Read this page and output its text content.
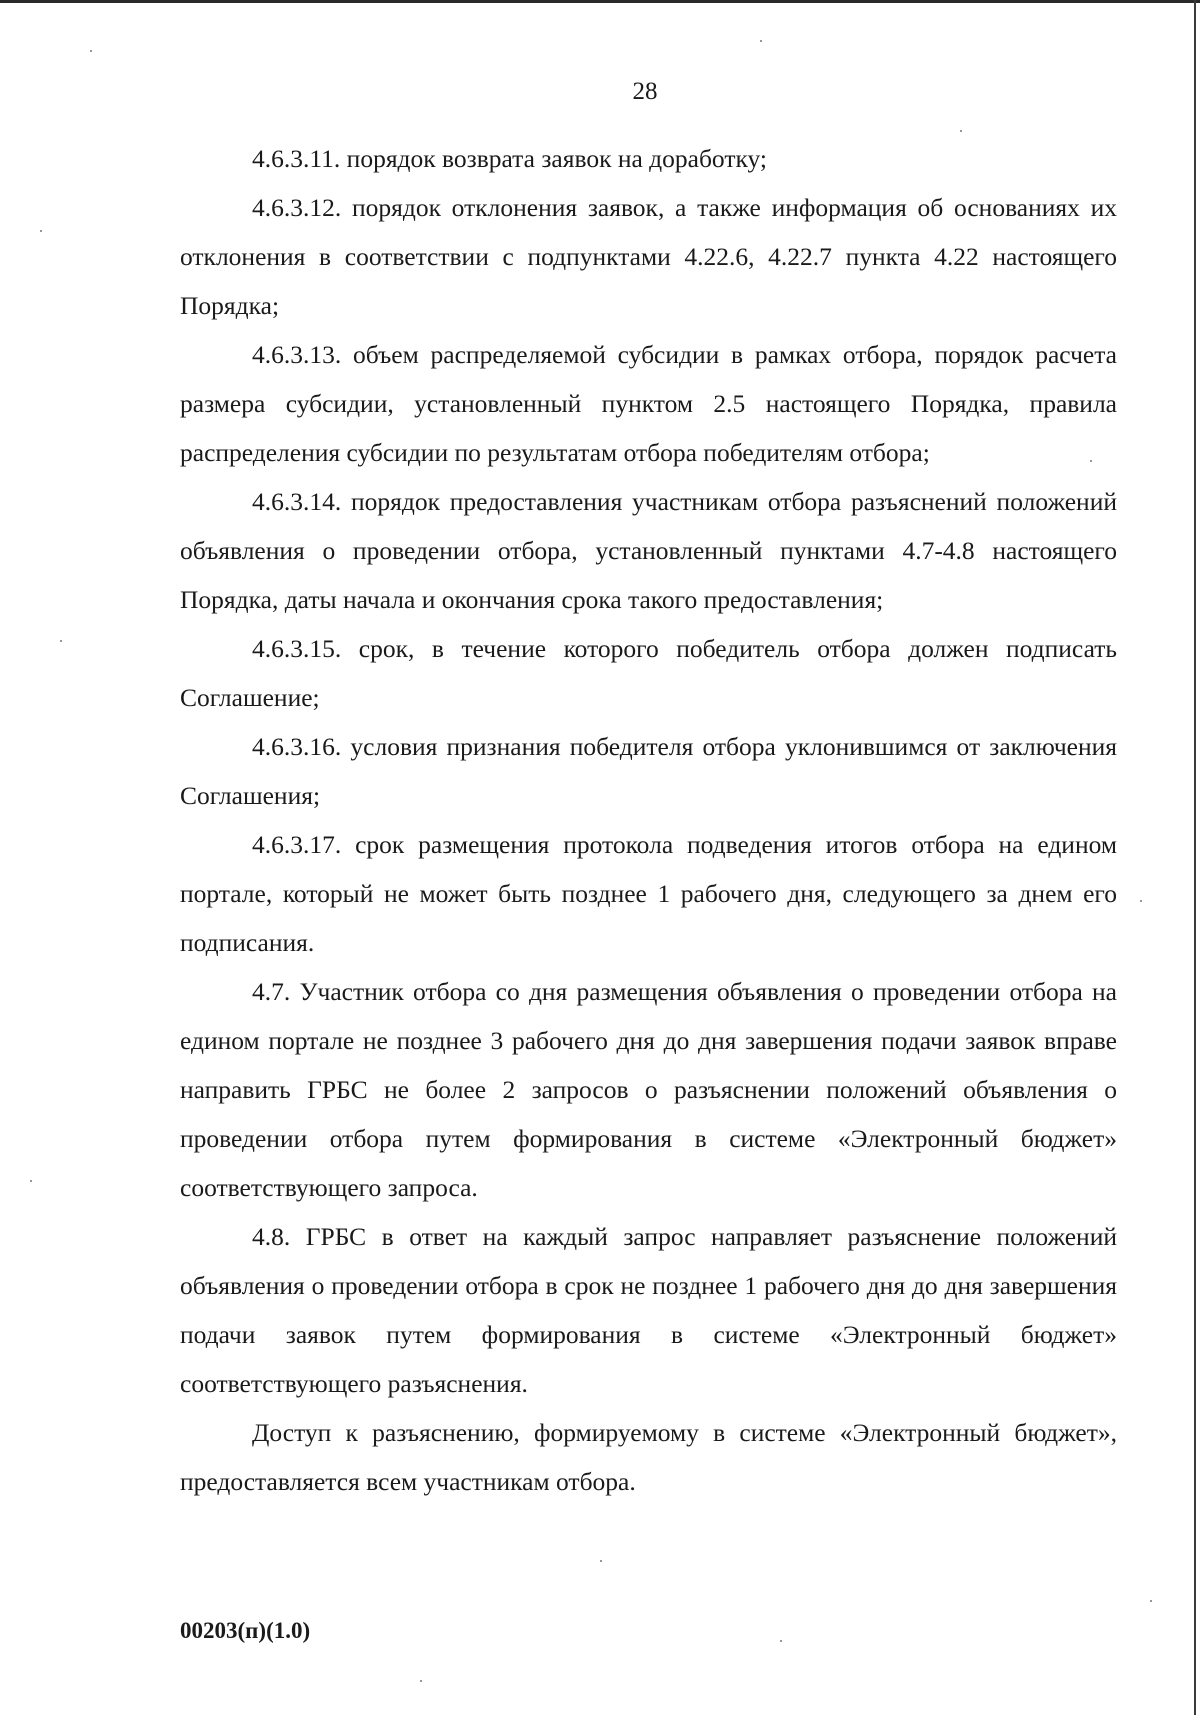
28

4.6.3.11. порядок возврата заявок на доработку;

4.6.3.12. порядок отклонения заявок, а также информация об основаниях их отклонения в соответствии с подпунктами 4.22.6, 4.22.7 пункта 4.22 настоящего Порядка;

4.6.3.13. объем распределяемой субсидии в рамках отбора, порядок расчета размера субсидии, установленный пунктом 2.5 настоящего Порядка, правила распределения субсидии по результатам отбора победителям отбора;

4.6.3.14. порядок предоставления участникам отбора разъяснений положений объявления о проведении отбора, установленный пунктами 4.7-4.8 настоящего Порядка, даты начала и окончания срока такого предоставления;

4.6.3.15. срок, в течение которого победитель отбора должен подписать Соглашение;

4.6.3.16. условия признания победителя отбора уклонившимся от заключения Соглашения;

4.6.3.17. срок размещения протокола подведения итогов отбора на едином портале, который не может быть позднее 1 рабочего дня, следующего за днем его подписания.

4.7. Участник отбора со дня размещения объявления о проведении отбора на едином портале не позднее 3 рабочего дня до дня завершения подачи заявок вправе направить ГРБС не более 2 запросов о разъяснении положений объявления о проведении отбора путем формирования в системе «Электронный бюджет» соответствующего запроса.

4.8. ГРБС в ответ на каждый запрос направляет разъяснение положений объявления о проведении отбора в срок не позднее 1 рабочего дня до дня завершения подачи заявок путем формирования в системе «Электронный бюджет» соответствующего разъяснения.

Доступ к разъяснению, формируемому в системе «Электронный бюджет», предоставляется всем участникам отбора.

00203(п)(1.0)
